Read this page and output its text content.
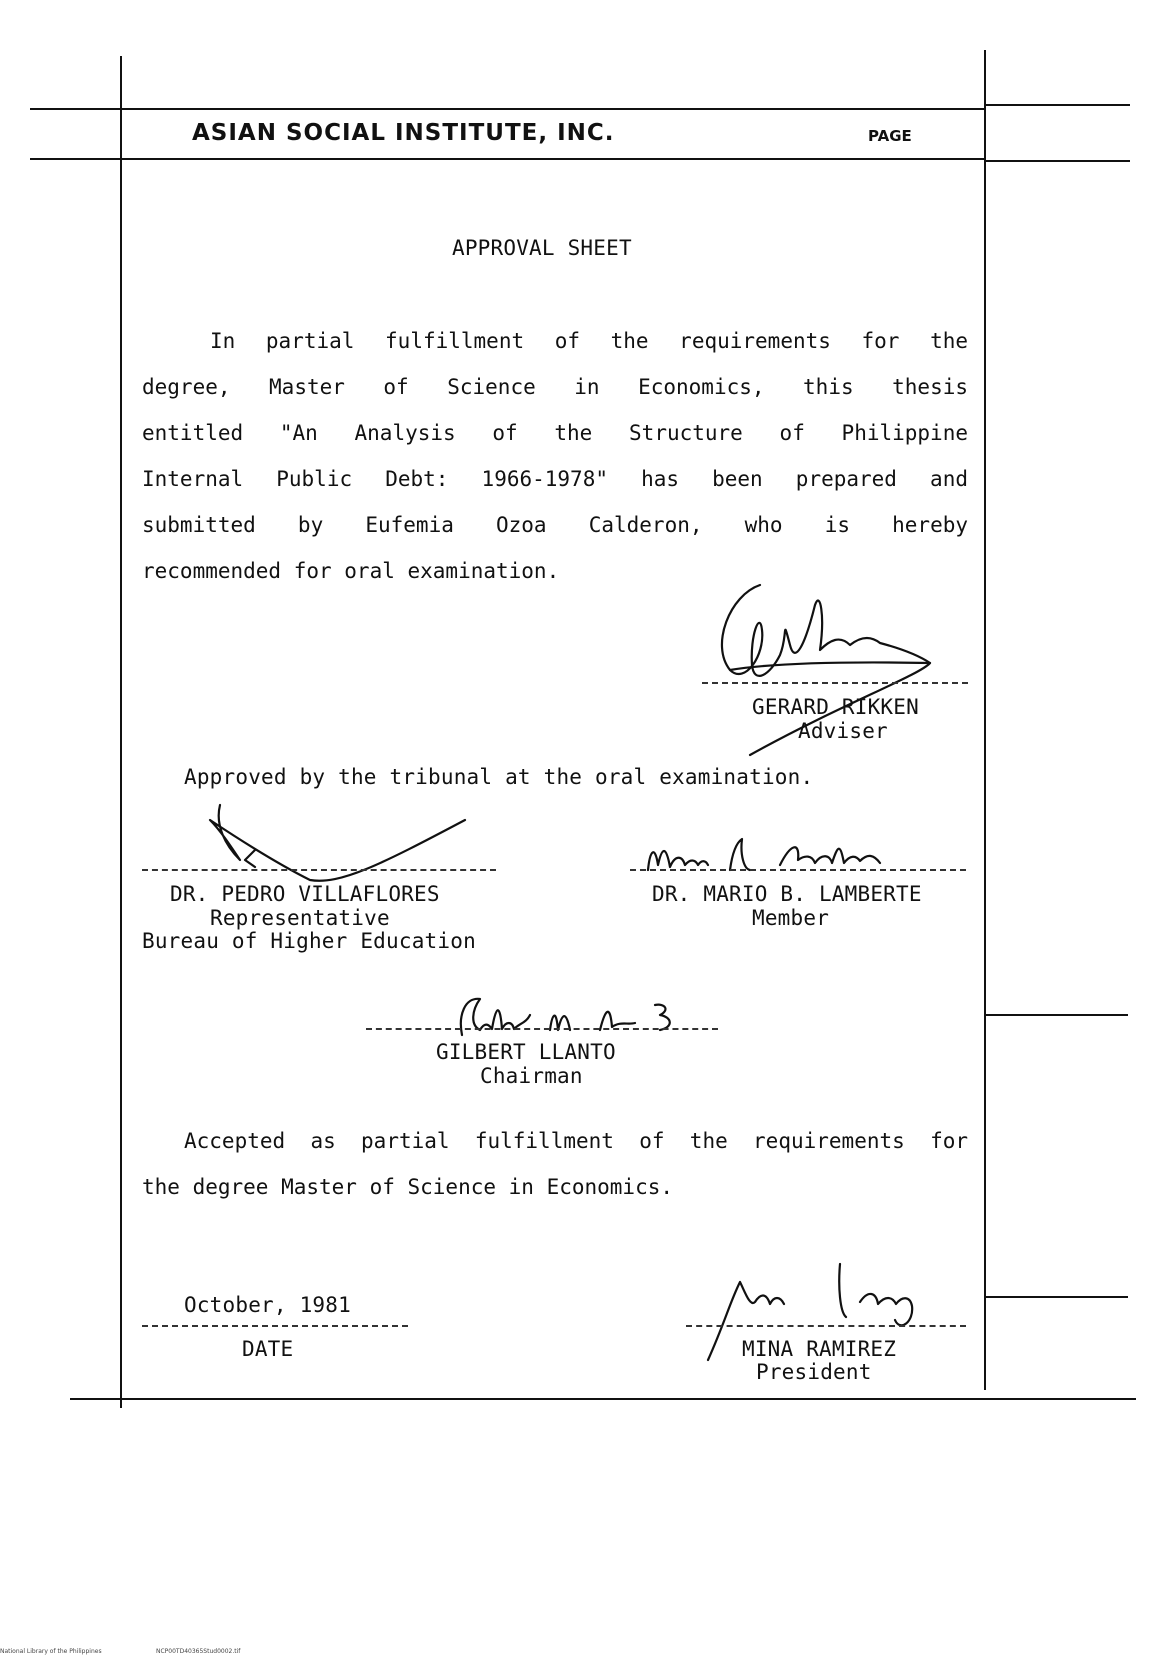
ASIAN SOCIAL INSTITUTE, INC.	PAGE
APPROVAL SHEET
In partial fulfillment of the requirements for the
degree, Master of Science in Economics, this thesis
entitled "An Analysis of the Structure of Philippine
Internal Public Debt: 1966-1978" has been prepared and
submitted by Eufemia Ozoa Calderon, who is hereby
recommended for oral examination.
GERARD RIKKEN
Adviser
Approved by the tribunal at the oral examination.
DR. PEDRO VILLAFLORES
Representative
Bureau of Higher Education
DR. MARIO B. LAMBERTE
Member
GILBERT LLANTO
Chairman
Accepted as partial fulfillment of the requirements for
the degree Master of Science in Economics.
October, 1981
DATE	MINA RAMIREZ
President
National Library of the Philippines	NCP00TD40365Stud0002.tif
